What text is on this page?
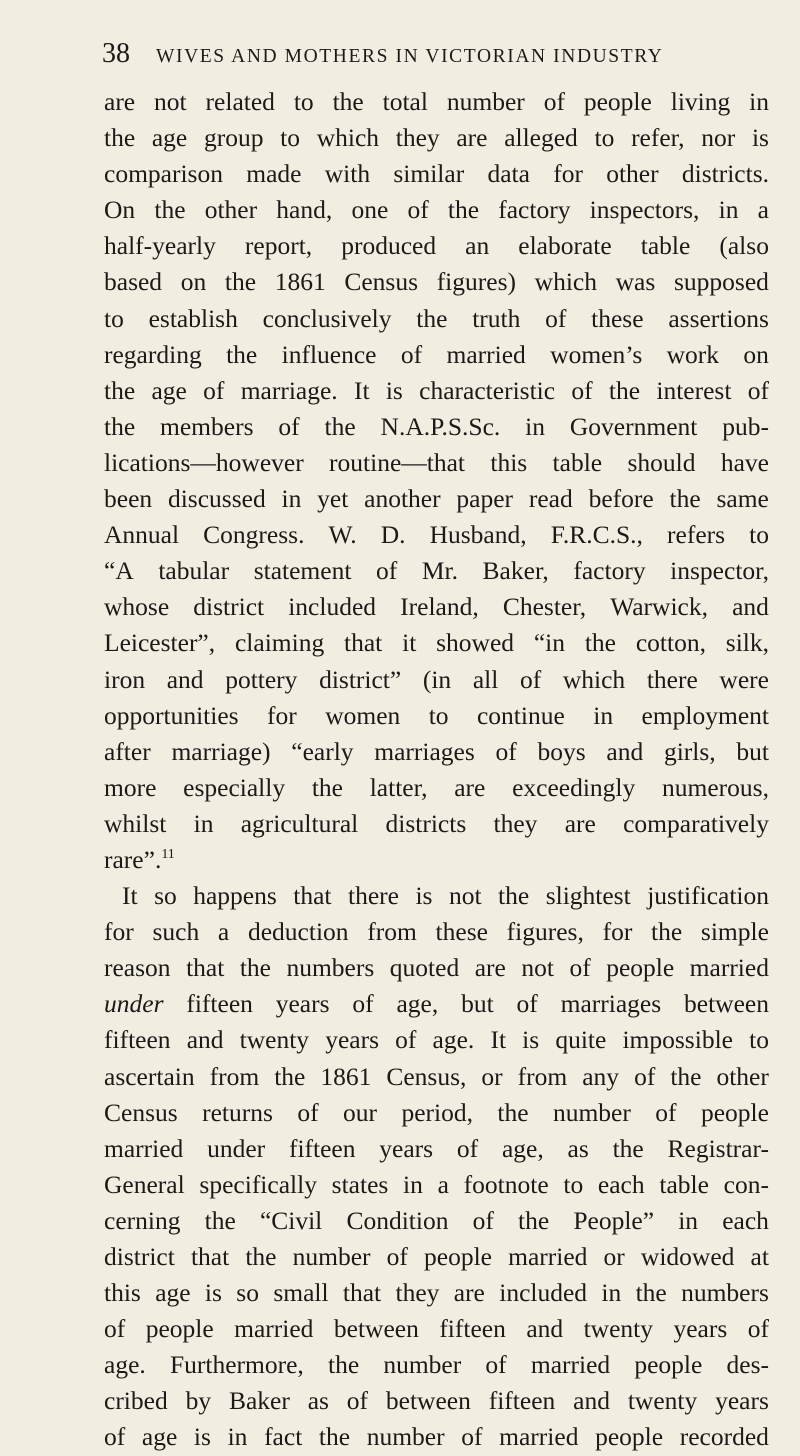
38 WIVES AND MOTHERS IN VICTORIAN INDUSTRY
are not related to the total number of people living in
the age group to which they are alleged to refer, nor is
comparison made with similar data for other districts.
On the other hand, one of the factory inspectors, in a
half-yearly report, produced an elaborate table (also
based on the 1861 Census figures) which was supposed
to establish conclusively the truth of these assertions
regarding the influence of married women’s work on
the age of marriage. It is characteristic of the interest of
the members of the N.A.P.S.Sc. in Government pub-
lications—however routine—that this table should have
been discussed in yet another paper read before the same
Annual Congress. W. D. Husband, F.R.C.S., refers to
“A tabular statement of Mr. Baker, factory inspector,
whose district included Ireland, Chester, Warwick, and
Leicester”, claiming that it showed “in the cotton, silk,
iron and pottery district” (in all of which there were
opportunities for women to continue in employment
after marriage) “early marriages of boys and girls, but
more especially the latter, are exceedingly numerous,
whilst in agricultural districts they are comparatively
rare”.$^{11}$
It so happens that there is not the slightest justification
for such a deduction from these figures, for the simple
reason that the numbers quoted are not of people married
under fifteen years of age, but of marriages between
fifteen and twenty years of age. It is quite impossible to
ascertain from the 1861 Census, or from any of the other
Census returns of our period, the number of people
married under fifteen years of age, as the Registrar-
General specifically states in a footnote to each table con-
cerning the “Civil Condition of the People” in each
district that the number of people married or widowed at
this age is so small that they are included in the numbers
of people married between fifteen and twenty years of
age. Furthermore, the number of married people des-
cribed by Baker as of between fifteen and twenty years
of age is in fact the number of married people recorded
